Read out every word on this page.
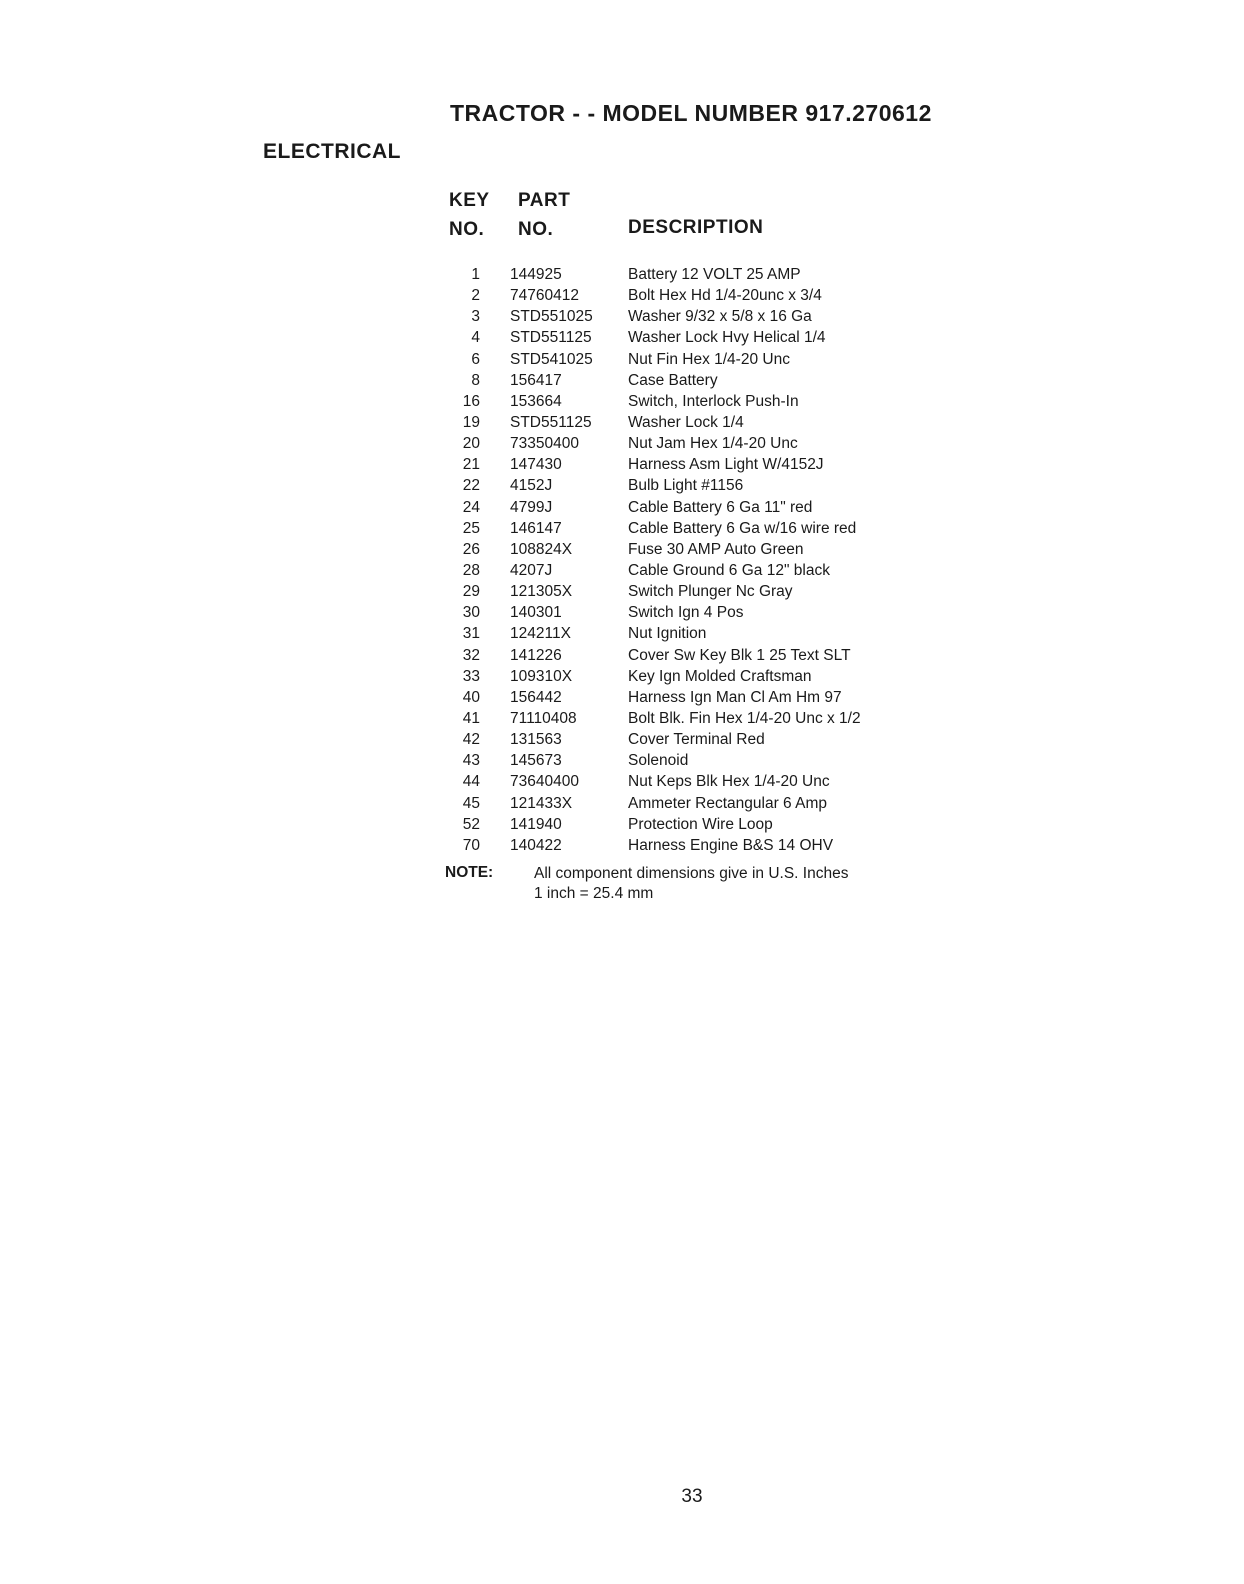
TRACTOR - - MODEL NUMBER 917.270612
ELECTRICAL
KEY
NO.
PART
NO.	DESCRIPTION
1 144925	Battery 12 VOLT 25 AMP
2 74760412	Bolt Hex Hd 1/4-20unc x 3/4
3 STD551025 Washer 9/32 x 5/8 x 16 Ga
4 STD551125 Washer Lock Hvy Helical 1/4
6 STD541025 Nut Fin Hex 1/4-20 Unc
8 156417	Case Battery
16 153664	Switch, Interlock Push-In
19 STD551125 Washer Lock 1/4
20 73350400	Nut Jam Hex 1/4-20 Unc
21 147430	Harness Asm Light W/4152J
22 4152J	Bulb Light #1156
24 4799J	Cable Battery 6 Ga 11" red
25 146147	Cable Battery 6 Ga w/16 wire red
26 108824X	Fuse 30 AMP Auto Green
28 4207J	Cable Ground 6 Ga 12" black
29 121305X	Switch Plunger Nc Gray
30 140301	Switch Ign 4 Pos
31 124211X	Nut Ignition
32 141226	Cover Sw Key Blk 1 25 Text SLT
33 109310X	Key Ign Molded Craftsman
40 156442	Harness Ign Man Cl Am Hm 97
41 71110408	Bolt Blk. Fin Hex 1/4-20 Unc x 1/2
42 131563	Cover Terminal Red
43 145673	Solenoid
44 73640400	Nut Keps Blk Hex 1/4-20 Unc
45 121433X	Ammeter Rectangular 6 Amp
52 141940	Protection Wire Loop
70 140422	Harness Engine B&S 14 OHV
NOTE:	All component dimensions give in U.S. Inches
1 inch = 25.4 mm
33
